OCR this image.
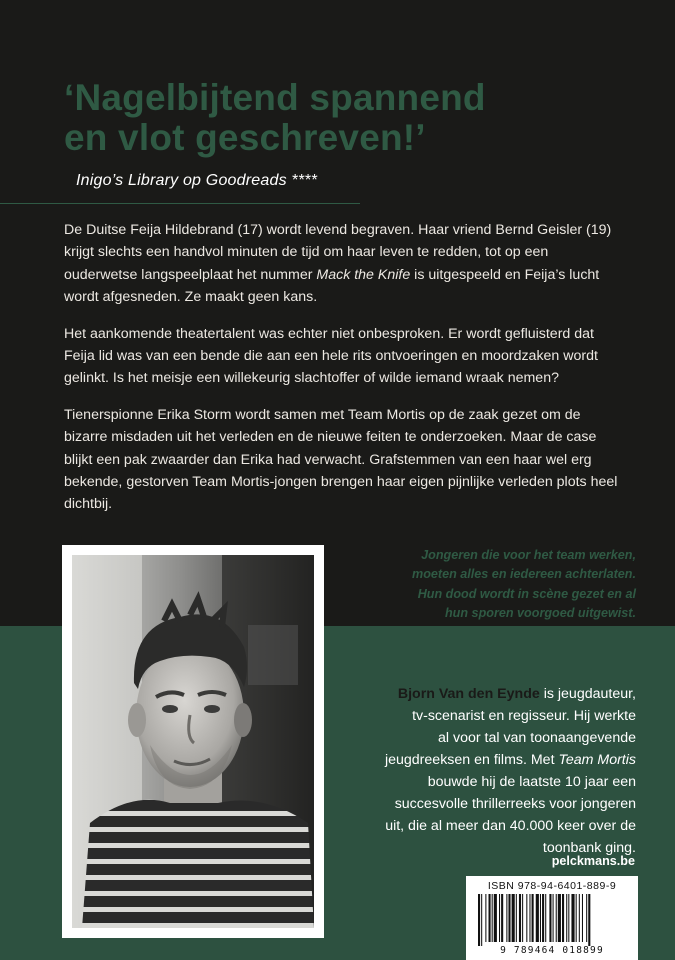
‘Nagelbijtend spannend
en vlot geschreven!’
Inigo’s Library op Goodreads ****

De Duitse Feija Hildebrand (17) wordt levend begraven. Haar vriend Bernd Geisler (19) krijgt slechts een handvol minuten de tijd om haar leven te redden, tot op een ouderwetse langspeelplaat het nummer Mack the Knife is uitgespeeld en Feija’s lucht wordt afgesneden. Ze maakt geen kans.

Het aankomende theatertalent was echter niet onbesproken. Er wordt gefluisterd dat Feija lid was van een bende die aan een hele rits ontvoeringen en moordzaken wordt gelinkt. Is het meisje een willekeurig slachtoffer of wilde iemand wraak nemen?

Tienerspionne Erika Storm wordt samen met Team Mortis op de zaak gezet om de bizarre misdaden uit het verleden en de nieuwe feiten te onderzoeken. Maar de case blijkt een pak zwaarder dan Erika had verwacht. Grafstemmen van een haar wel erg bekende, gestorven Team Mortis-jongen brengen haar eigen pijnlijke verleden plots heel dichtbij.

Jongeren die voor het team werken,
moeten alles en iedereen achterlaten.
Hun dood wordt in scène gezet en al
hun sporen voorgoed uitgewist.
Bjorn Van den Eynde is jeugdauteur,
tv-scenarist en regisseur. Hij werkte
al voor tal van toonaangevende
jeugdreeksen en films. Met Team Mortis
bouwde hij de laatste 10 jaar een
succesvolle thrillerreeks voor jongeren
uit, die al meer dan 40.000 keer over de
toonbank ging.
pelckmans.be
ISBN 978-94-6401-889-9
9 789464 018899
